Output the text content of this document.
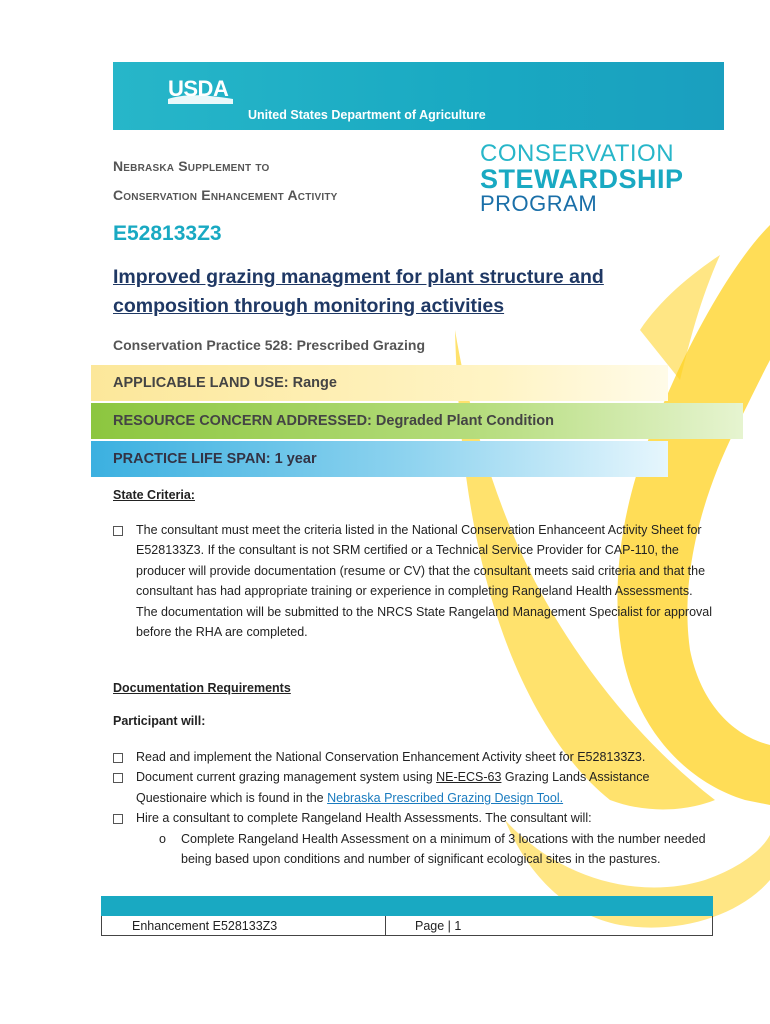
USDA
United States Department of Agriculture
Nebraska Supplement to
Conservation Enhancement Activity
CONSERVATION
STEWARDSHIP
PROGRAM
E528133Z3
Improved grazing managment for plant structure and composition through monitoring activities
Conservation Practice 528: Prescribed Grazing
APPLICABLE LAND USE: Range
RESOURCE CONCERN ADDRESSED: Degraded Plant Condition
PRACTICE LIFE SPAN: 1 year
State Criteria:
The consultant must meet the criteria listed in the National Conservation Enhanceent Activity Sheet for E528133Z3. If the consultant is not SRM certified or a Technical Service Provider for CAP-110, the producer will provide documentation (resume or CV) that the consultant meets said criteria and that the consultant has had appropriate training or experience in completing Rangeland Health Assessments. The documentation will be submitted to the NRCS State Rangeland Management Specialist for approval before the RHA are completed.
Documentation Requirements
Participant will:
Read and implement the National Conservation Enhancement Activity sheet for E528133Z3.
Document current grazing management system using NE-ECS-63 Grazing Lands Assistance Questionaire which is found in the Nebraska Prescribed Grazing Design Tool.
Hire a consultant to complete Rangeland Health Assessments. The consultant will:
o Complete Rangeland Health Assessment on a minimum of 3 locations with the number needed being based upon conditions and number of significant ecological sites in the pastures.
Enhancement E528133Z3	Page | 1
